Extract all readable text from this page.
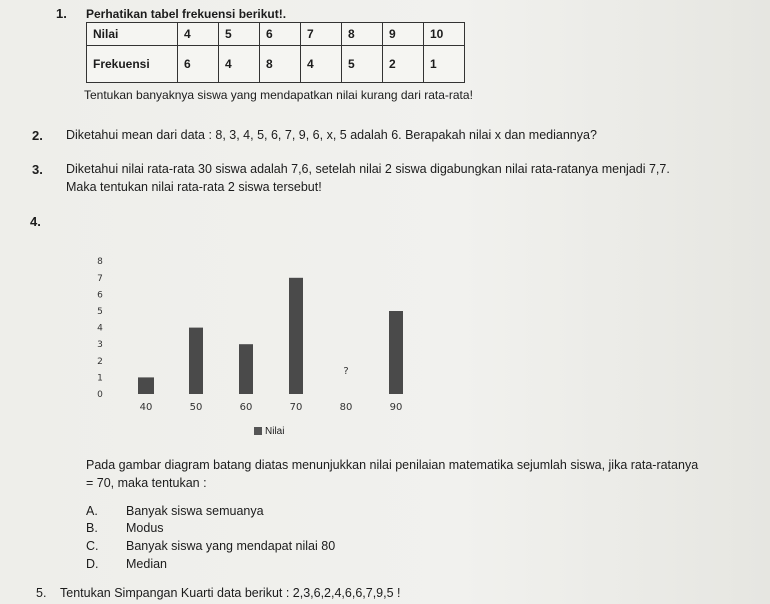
1. Perhatikan tabel frekuensi berikut!.
Nilai	4	5	6	7	8	9	10
Frekuensi	6	4	8	4	5	2	1
Tentukan banyaknya siswa yang mendapatkan nilai kurang dari rata-rata!
2. Diketahui mean dari data : 8, 3, 4, 5, 6, 7, 9, 6, x, 5 adalah 6. Berapakah nilai x dan mediannya?
3. Diketahui nilai rata-rata 30 siswa adalah 7,6, setelah nilai 2 siswa digabungkan nilai rata-ratanya menjadi 7,7.
Maka tentukan nilai rata-rata 2 siswa tersebut!
4.
0
1
2
3
4
5
6
7
8
40	50	60	70	80	90
?
Nilai
Pada gambar diagram batang diatas menunjukkan nilai penilaian matematika sejumlah siswa, jika rata-ratanya
= 70, maka tentukan :
A. Banyak siswa semuanya
B. Modus
C. Banyak siswa yang mendapat nilai 80
D. Median
5. Tentukan Simpangan Kuarti data berikut : 2,3,6,2,4,6,6,7,9,5 !
